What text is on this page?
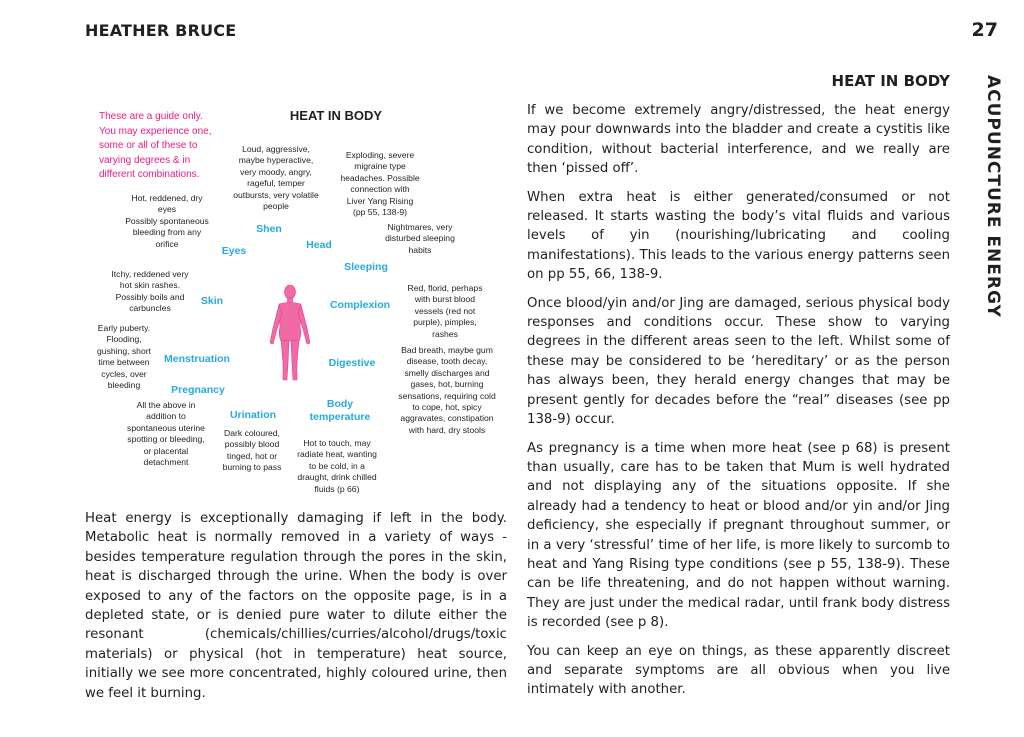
HEATHER BRUCE	27
ACUPUNCTURE ENERGY
HEAT IN BODY
These are a guide only.
You may experience one,
some or all of these to
varying degrees & in
different combinations.
HEAT IN BODY
Loud, aggressive,
maybe hyperactive,
very moody, angry,
rageful, temper
outbursts, very volatile
people
Exploding, severe
migraine type
headaches. Possible
connection with
Liver Yang Rising
(pp 55, 138-9)
Hot, reddened, dry
eyes
Possibly spontaneous
bleeding from any
orifice
Nightmares, very
disturbed sleeping
habits
Itchy, reddened very
hot skin rashes.
Possibly boils and
carbuncles
Red, florid, perhaps
with burst blood
vessels (red not
purple), pimples,
rashes
Early puberty.
Flooding,
gushing, short
time between
cycles, over
bleeding
Bad breath, maybe gum
disease, tooth decay,
smelly discharges and
gases, hot, burning
sensations, requiring cold
to cope, hot, spicy
aggravates, constipation
with hard, dry stools
All the above in
addition to
spontaneous uterine
spotting or bleeding,
or placental
detachment
Dark coloured,
possibly blood
tinged, hot or
burning to pass
Hot to touch, may
radiate heat, wanting
to be cold, in a
draught, drink chilled
fluids (p 66)
Shen
Head
Eyes
Sleeping
Skin	Complexion
Menstruation	Digestive
Pregnancy
Urination
Body
temperature

If we become extremely angry/distressed, the heat energy may pour downwards into the bladder and create a cystitis like condition, without bacterial interference, and we really are then ‘pissed off’.

When extra heat is either generated/consumed or not released. It starts wasting the body’s vital fluids and various levels of yin (nourishing/lubricating and cooling manifestations). This leads to the various energy patterns seen on pp 55, 66, 138-9.

Once blood/yin and/or Jing are damaged, serious physical body responses and conditions occur. These show to varying degrees in the different areas seen to the left. Whilst some of these may be considered to be ‘hereditary’ or as the person has always been, they herald energy changes that may be present gently for decades before the “real” diseases (see pp 138-9) occur.

As pregnancy is a time when more heat (see p 68) is present than usually, care has to be taken that Mum is well hydrated and not displaying any of the situations opposite. If she already had a tendency to heat or blood and/or yin and/or Jing deficiency, she especially if pregnant throughout summer, or in a very ‘stressful’ time of her life, is more likely to surcomb to heat and Yang Rising type conditions (see p 55, 138-9). These can be life threatening, and do not happen without warning. They are just under the medical radar, until frank body distress is recorded (see p 8).

You can keep an eye on things, as these apparently discreet and separate symptoms are all obvious when you live intimately with another.

Heat energy is exceptionally damaging if left in the body. Metabolic heat is normally removed in a variety of ways - besides temperature regulation through the pores in the skin, heat is discharged through the urine. When the body is over exposed to any of the factors on the opposite page, is in a depleted state, or is denied pure water to dilute either the resonant (chemicals/chillies/curries/alcohol/drugs/toxic materials) or physical (hot in temperature) heat source, initially we see more concentrated, highly coloured urine, then we feel it burning.
